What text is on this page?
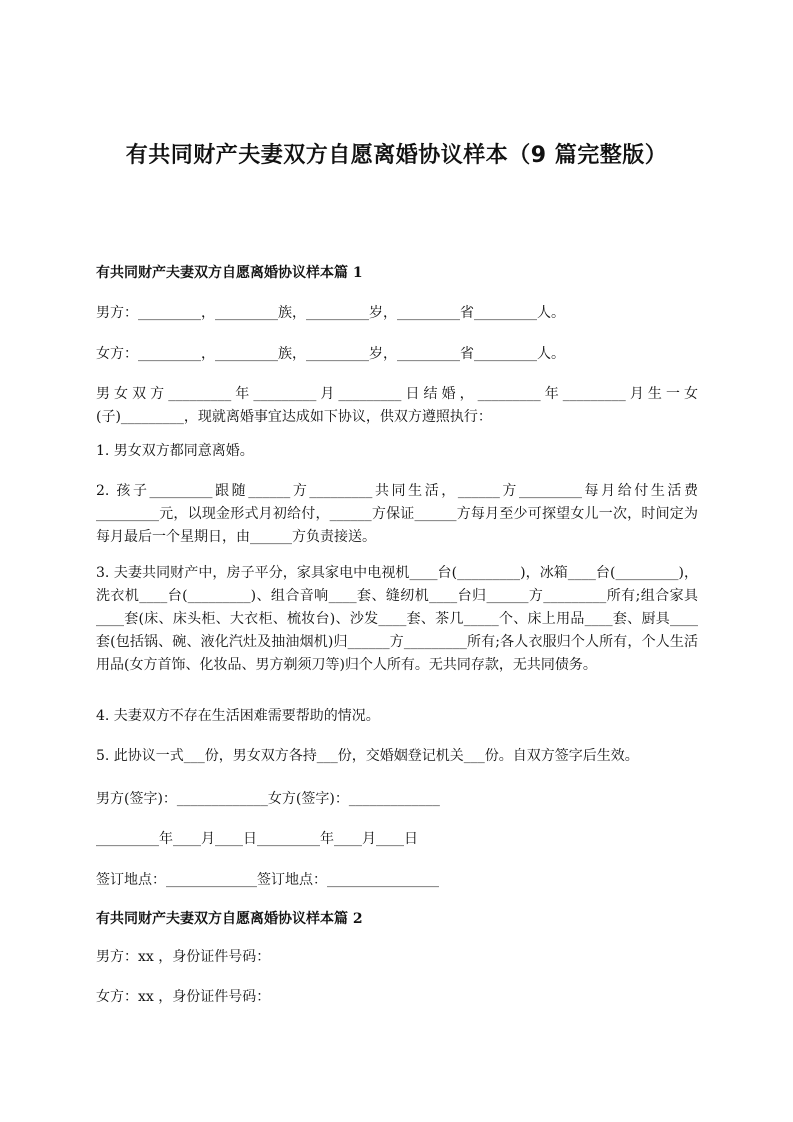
有共同财产夫妻双方自愿离婚协议样本（9 篇完整版）
有共同财产夫妻双方自愿离婚协议样本篇 1
男方：_________，_________族，_________岁，_________省_________人。
女方：_________，_________族，_________岁，_________省_________人。
男女双方_________年_________月_________日结婚，_________年_________月生一女(子)_________，现就离婚事宜达成如下协议，供双方遵照执行：
1. 男女双方都同意离婚。
2. 孩子_________跟随______方_________共同生活，______方_________每月给付生活费_________元，以现金形式月初给付，______方保证______方每月至少可探望女儿一次，时间定为每月最后一个星期日，由______方负责接送。
3. 夫妻共同财产中，房子平分，家具家电中电视机____台(_________)，冰箱____台(_________)，洗衣机____台(_________)、组合音响____套、缝纫机____台归______方_________所有;组合家具____套(床、床头柜、大衣柜、梳妆台)、沙发____套、茶几_____个、床上用品____套、厨具____套(包括锅、碗、液化汽灶及抽油烟机)归______方_________所有;各人衣服归个人所有，个人生活用品(女方首饰、化妆品、男方剃须刀等)归个人所有。无共同存款，无共同债务。
4. 夫妻双方不存在生活困难需要帮助的情况。
5. 此协议一式___份，男女双方各持___份，交婚姻登记机关___份。自双方签字后生效。
男方(签字)：_____________女方(签字)：_____________
_________年____月____日_________年____月____日
签订地点：_____________签订地点：________________
有共同财产夫妻双方自愿离婚协议样本篇 2
男方：xx ，身份证件号码：
女方：xx ，身份证件号码：
